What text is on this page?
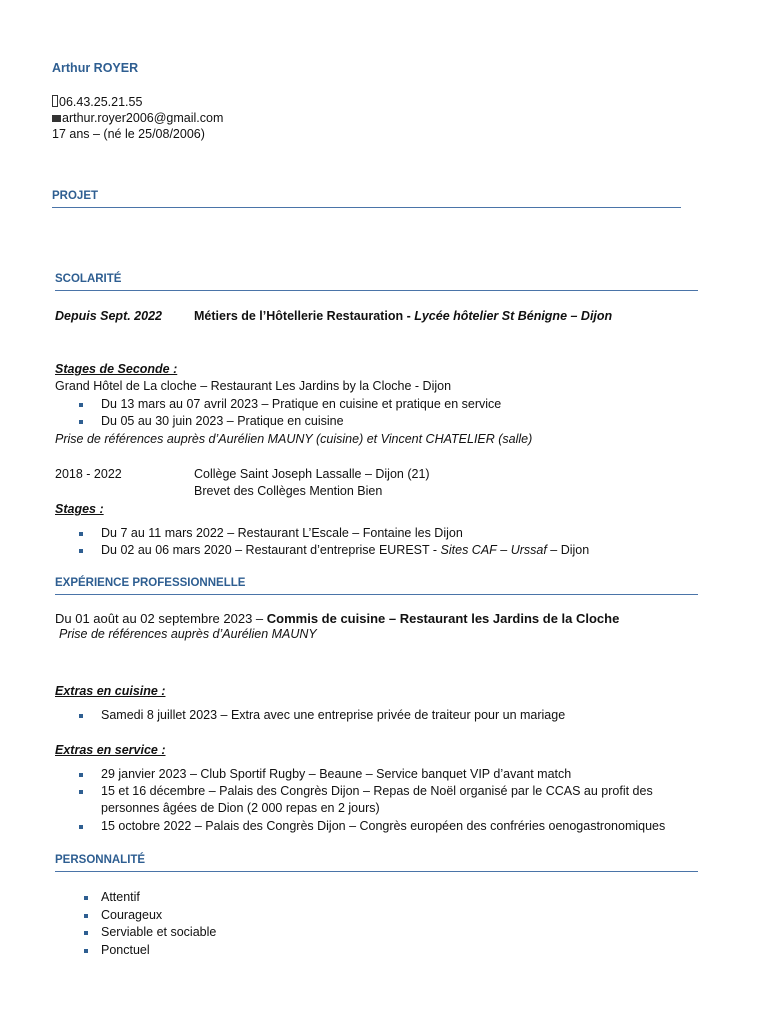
Arthur ROYER
06.43.25.21.55
arthur.royer2006@gmail.com
17 ans – (né le 25/08/2006)
PROJET
SCOLARITÉ
Depuis Sept. 2022	Métiers de l’Hôtellerie Restauration - Lycée hôtelier St Bénigne – Dijon
Stages de Seconde :
Grand Hôtel de La cloche – Restaurant Les Jardins by la Cloche - Dijon
Du 13 mars au 07 avril 2023 – Pratique en cuisine et pratique en service
Du 05 au 30 juin 2023 – Pratique en cuisine
Prise de références auprès d’Aurélien MAUNY (cuisine) et Vincent CHATELIER (salle)
2018 - 2022	Collège Saint Joseph Lassalle – Dijon (21)
Brevet des Collèges Mention Bien
Stages :
Du 7 au 11 mars 2022 – Restaurant L’Escale – Fontaine les Dijon
Du 02 au 06 mars 2020 – Restaurant d’entreprise EUREST - Sites CAF – Urssaf – Dijon
EXPÉRIENCE PROFESSIONNELLE
Du 01 août au 02 septembre 2023 – Commis de cuisine – Restaurant les Jardins de la Cloche
Prise de références auprès d’Aurélien MAUNY
Extras en cuisine :
Samedi 8 juillet 2023 – Extra avec une entreprise privée de traiteur pour un mariage
Extras en service :
29 janvier 2023 – Club Sportif Rugby – Beaune – Service banquet VIP d’avant match
15 et 16 décembre – Palais des Congrès Dijon – Repas de Noël organisé par le CCAS au profit des
personnes âgées de Dion (2 000 repas en 2 jours)
15 octobre 2022 – Palais des Congrès Dijon – Congrès européen des confréries oenogastronomiques
PERSONNALITÉ
Attentif
Courageux
Serviable et sociable
Ponctuel
